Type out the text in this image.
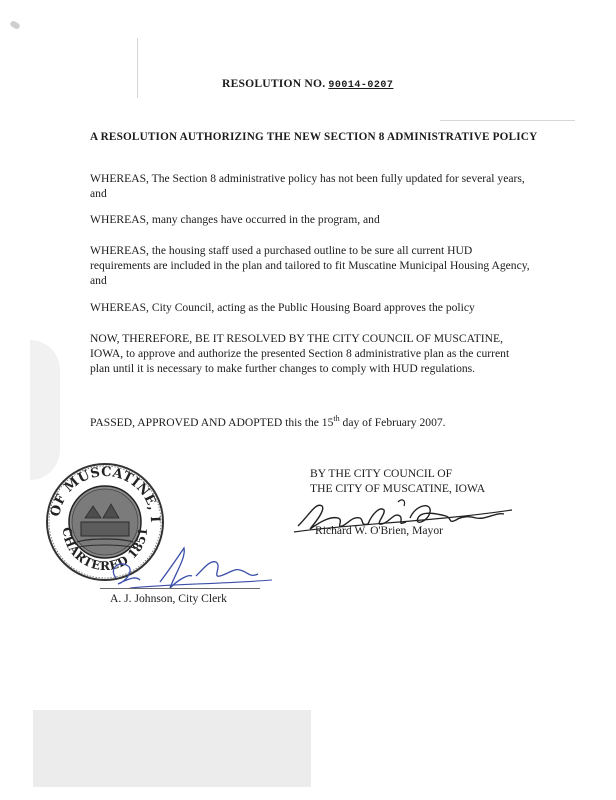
RESOLUTION NO. 90014-0207
A RESOLUTION AUTHORIZING THE NEW SECTION 8 ADMINISTRATIVE POLICY
WHEREAS, The Section 8 administrative policy has not been fully updated for several years, and
WHEREAS, many changes have occurred in the program, and
WHEREAS, the housing staff used a purchased outline to be sure all current HUD requirements are included in the plan and tailored to fit Muscatine Municipal Housing Agency, and
WHEREAS, City Council, acting as the Public Housing Board approves the policy
NOW, THEREFORE, BE IT RESOLVED BY THE CITY COUNCIL OF MUSCATINE, IOWA, to approve and authorize the presented Section 8 administrative plan as the current plan until it is necessary to make further changes to comply with HUD regulations.
PASSED, APPROVED AND ADOPTED this the 15th day of February 2007.
BY THE CITY COUNCIL OF
THE CITY OF MUSCATINE, IOWA
Richard W. O'Brien, Mayor
OF MUSCATINE, I
CHARTERED 1851
A. J. Johnson, City Clerk
